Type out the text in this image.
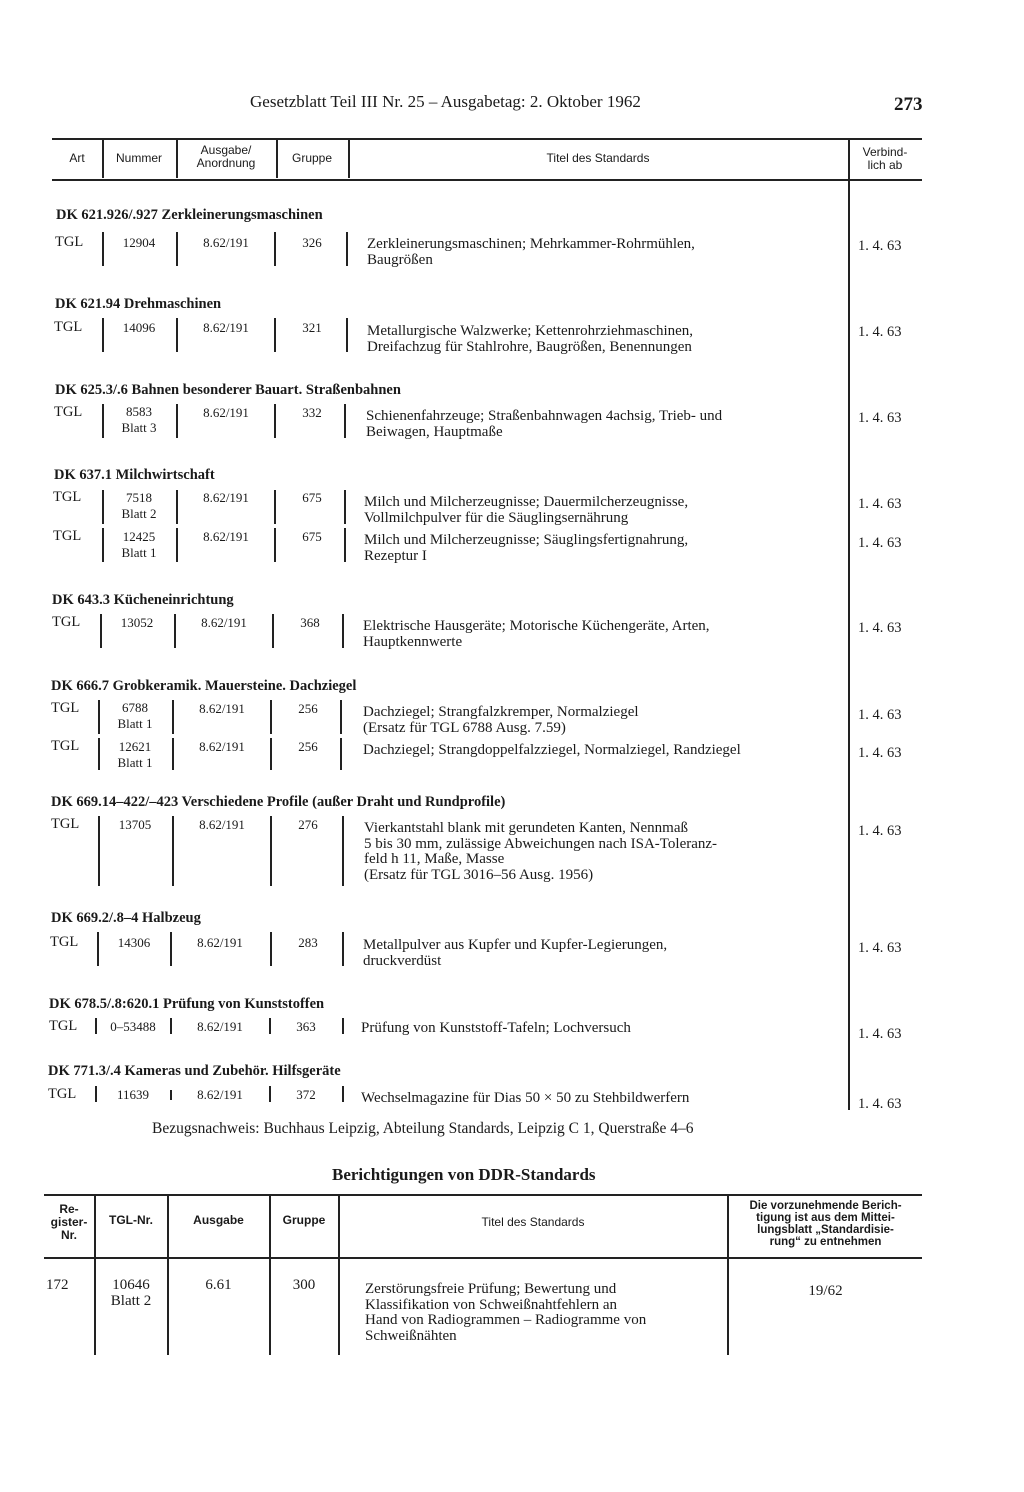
Gesetzblatt Teil III Nr. 25 – Ausgabetag: 2. Oktober 1962	273
Art	Nummer
Ausgabe/
Anordnung	Gruppe	Titel des Standards	Verbind-
lich ab
DK 621.926/.927 Zerkleinerungsmaschinen
TGL	12904	8.62/191	326	Zerkleinerungsmaschinen; Mehrkammer-Rohrmühlen,
Baugrößen
1. 4. 63
DK 621.94 Drehmaschinen
TGL	14096	8.62/191	321	Metallurgische Walzwerke; Kettenrohrziehmaschinen,
Dreifachzug für Stahlrohre, Baugrößen, Benennungen
1. 4. 63
DK 625.3/.6 Bahnen besonderer Bauart. Straßenbahnen
TGL	8583
Blatt 3
8.62/191	332	Schienenfahrzeuge; Straßenbahnwagen 4achsig, Trieb- und
Beiwagen, Hauptmaße
1. 4. 63
DK 637.1 Milchwirtschaft
TGL	7518
Blatt 2
8.62/191	675	Milch und Milcherzeugnisse; Dauermilcherzeugnisse,
Vollmilchpulver für die Säuglingsernährung
1. 4. 63
TGL	12425
Blatt 1
8.62/191	675	Milch und Milcherzeugnisse; Säuglingsfertignahrung,
Rezeptur I
1. 4. 63
DK 643.3 Kücheneinrichtung
TGL	13052	8.62/191	368	Elektrische Hausgeräte; Motorische Küchengeräte, Arten,
Hauptkennwerte
1. 4. 63
DK 666.7 Grobkeramik. Mauersteine. Dachziegel
TGL	6788
Blatt 1
8.62/191	256	Dachziegel; Strangfalzkremper, Normalziegel
(Ersatz für TGL 6788 Ausg. 7.59)
1. 4. 63
TGL	12621
Blatt 1
8.62/191	256	Dachziegel; Strangdoppelfalzziegel, Normalziegel, Randziegel	1. 4. 63
DK 669.14–422/–423 Verschiedene Profile (außer Draht und Rundprofile)
TGL	13705	8.62/191	276	Vierkantstahl blank mit gerundeten Kanten, Nennmaß
5 bis 30 mm, zulässige Abweichungen nach ISA-Toleranz-
feld h 11, Maße, Masse
(Ersatz für TGL 3016–56 Ausg. 1956)
1. 4. 63
DK 669.2/.8–4 Halbzeug
TGL	14306	8.62/191	283	Metallpulver aus Kupfer und Kupfer-Legierungen,
druckverdüst
1. 4. 63
DK 678.5/.8:620.1 Prüfung von Kunststoffen
TGL	0–53488	8.62/191	363	Prüfung von Kunststoff-Tafeln; Lochversuch	1. 4. 63
DK 771.3/.4 Kameras und Zubehör. Hilfsgeräte
TGL	11639	8.62/191	372	Wechselmagazine für Dias 50 × 50 zu Stehbildwerfern	1. 4. 63
Bezugsnachweis: Buchhaus Leipzig, Abteilung Standards, Leipzig C 1, Querstraße 4–6
Berichtigungen von DDR-Standards
Re-
gister-
Nr.
TGL-Nr.	Ausgabe	Gruppe	Titel des Standards
Die vorzunehmende Berich-
tigung ist aus dem Mittei-
lungsblatt „Standardisie-
rung“ zu entnehmen
172	10646
Blatt 2
6.61	300	Zerstörungsfreie Prüfung; Bewertung und
Klassifikation von Schweißnahtfehlern an
Hand von Radiogrammen – Radiogramme von
Schweißnähten
19/62
